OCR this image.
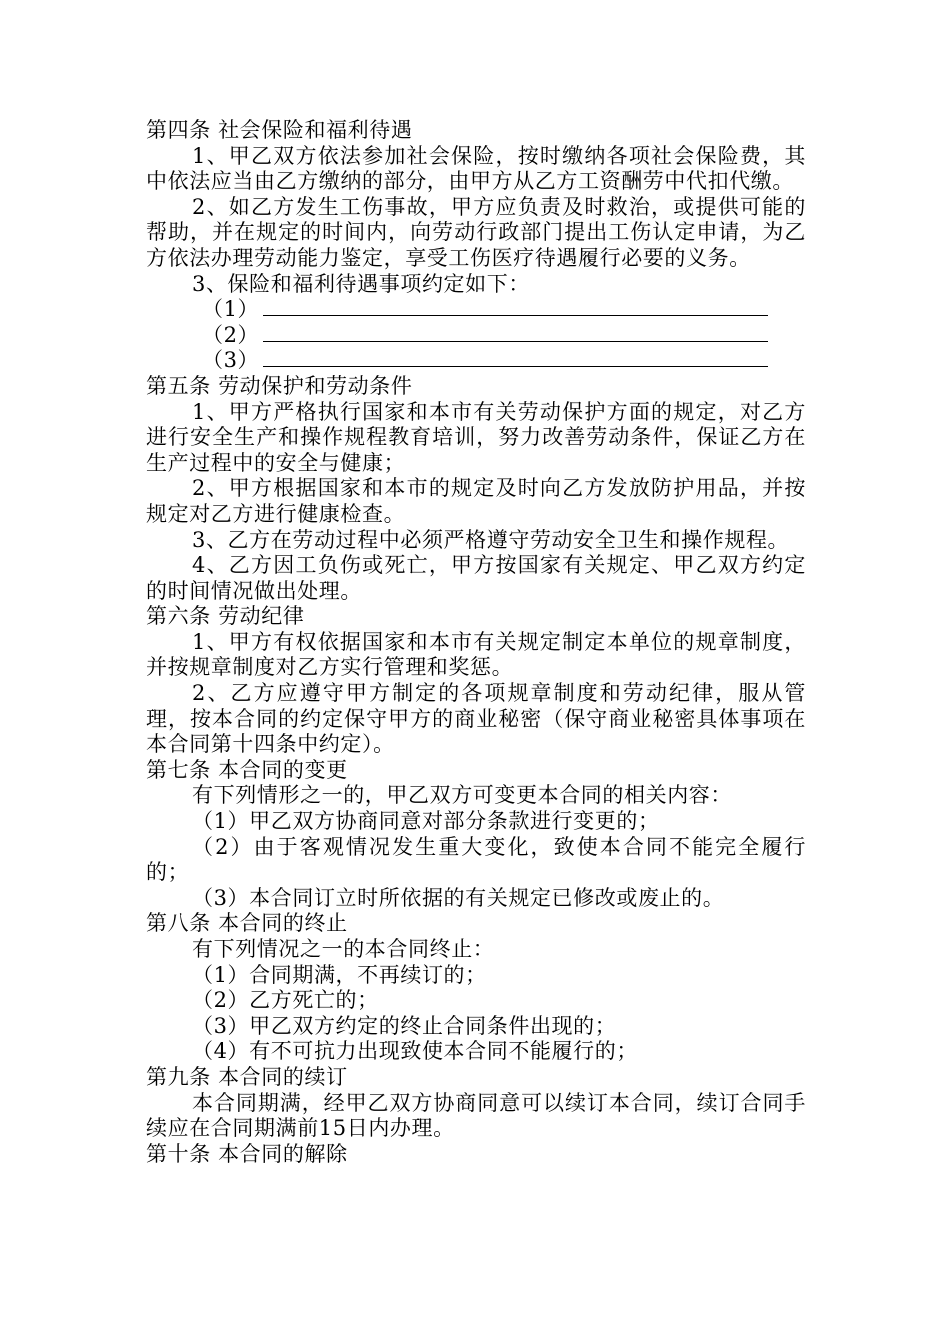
第四条 社会保险和福利待遇

1、甲乙双方依法参加社会保险，按时缴纳各项社会保险费，其中依法应当由乙方缴纳的部分，由甲方从乙方工资酬劳中代扣代缴。

2、如乙方发生工伤事故，甲方应负责及时救治，或提供可能的帮助，并在规定的时间内，向劳动行政部门提出工伤认定申请，为乙方依法办理劳动能力鉴定，享受工伤医疗待遇履行必要的义务。

3、保险和福利待遇事项约定如下：

（1）

（2）

（3）

第五条 劳动保护和劳动条件

1、甲方严格执行国家和本市有关劳动保护方面的规定，对乙方进行安全生产和操作规程教育培训，努力改善劳动条件，保证乙方在生产过程中的安全与健康；

2、甲方根据国家和本市的规定及时向乙方发放防护用品，并按规定对乙方进行健康检查。

3、乙方在劳动过程中必须严格遵守劳动安全卫生和操作规程。

4、乙方因工负伤或死亡，甲方按国家有关规定、甲乙双方约定的时间情况做出处理。

第六条 劳动纪律

1、甲方有权依据国家和本市有关规定制定本单位的规章制度，并按规章制度对乙方实行管理和奖惩。

2、乙方应遵守甲方制定的各项规章制度和劳动纪律，服从管理，按本合同的约定保守甲方的商业秘密（保守商业秘密具体事项在本合同第十四条中约定）。

第七条 本合同的变更

有下列情形之一的，甲乙双方可变更本合同的相关内容：

（1）甲乙双方协商同意对部分条款进行变更的；

（2）由于客观情况发生重大变化，致使本合同不能完全履行的；

（3）本合同订立时所依据的有关规定已修改或废止的。

第八条 本合同的终止

有下列情况之一的本合同终止：

（1）合同期满，不再续订的；

（2）乙方死亡的；

（3）甲乙双方约定的终止合同条件出现的；

（4）有不可抗力出现致使本合同不能履行的；

第九条 本合同的续订

本合同期满，经甲乙双方协商同意可以续订本合同，续订合同手续应在合同期满前15日内办理。

第十条 本合同的解除
